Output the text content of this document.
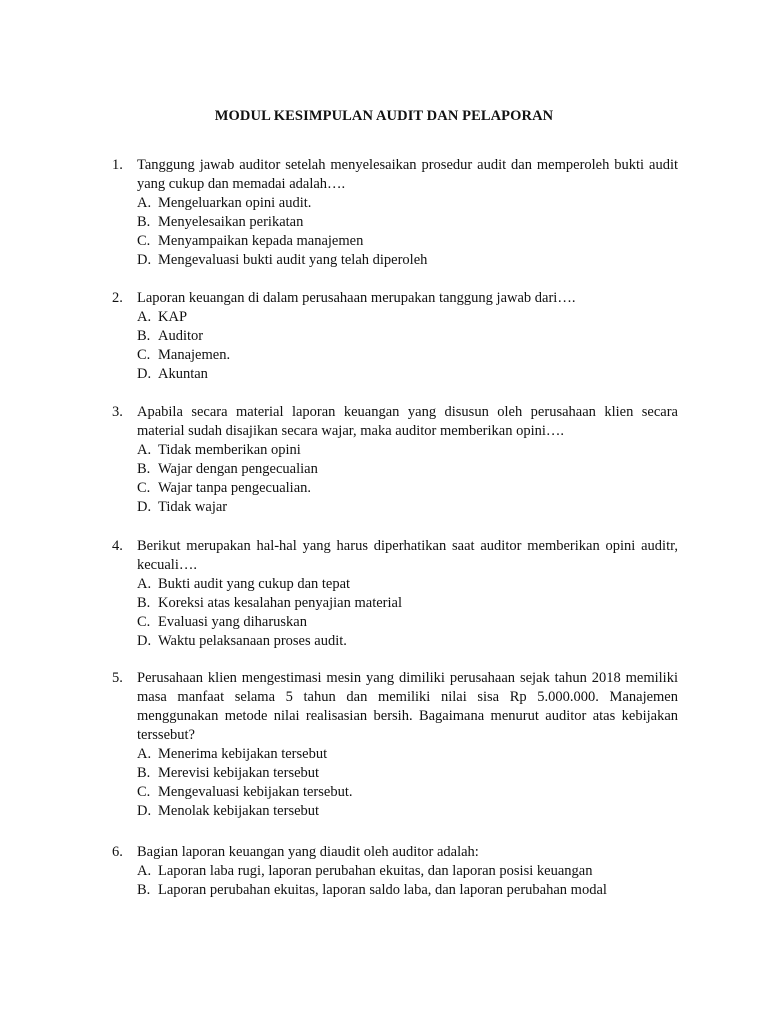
MODUL KESIMPULAN AUDIT DAN PELAPORAN
1. Tanggung jawab auditor setelah menyelesaikan prosedur audit dan memperoleh bukti audit yang cukup dan memadai adalah….
A. Mengeluarkan opini audit.
B. Menyelesaikan perikatan
C. Menyampaikan kepada manajemen
D. Mengevaluasi bukti audit yang telah diperoleh
2. Laporan keuangan di dalam perusahaan merupakan tanggung jawab dari….
A. KAP
B. Auditor
C. Manajemen.
D. Akuntan
3. Apabila secara material laporan keuangan yang disusun oleh perusahaan klien secara material sudah disajikan secara wajar, maka auditor memberikan opini….
A. Tidak memberikan opini
B. Wajar dengan pengecualian
C. Wajar tanpa pengecualian.
D. Tidak wajar
4. Berikut merupakan hal-hal yang harus diperhatikan saat auditor memberikan opini auditr, kecuali….
A. Bukti audit yang cukup dan tepat
B. Koreksi atas kesalahan penyajian material
C. Evaluasi yang diharuskan
D. Waktu pelaksanaan proses audit.
5. Perusahaan klien mengestimasi mesin yang dimiliki perusahaan sejak tahun 2018 memiliki masa manfaat selama 5 tahun dan memiliki nilai sisa Rp 5.000.000. Manajemen menggunakan metode nilai realisasian bersih. Bagaimana menurut auditor atas kebijakan terssebut?
A. Menerima kebijakan tersebut
B. Merevisi kebijakan tersebut
C. Mengevaluasi kebijakan tersebut.
D. Menolak kebijakan tersebut
6. Bagian laporan keuangan yang diaudit oleh auditor adalah:
A. Laporan laba rugi, laporan perubahan ekuitas, dan laporan posisi keuangan
B. Laporan perubahan ekuitas, laporan saldo laba, dan laporan perubahan modal
